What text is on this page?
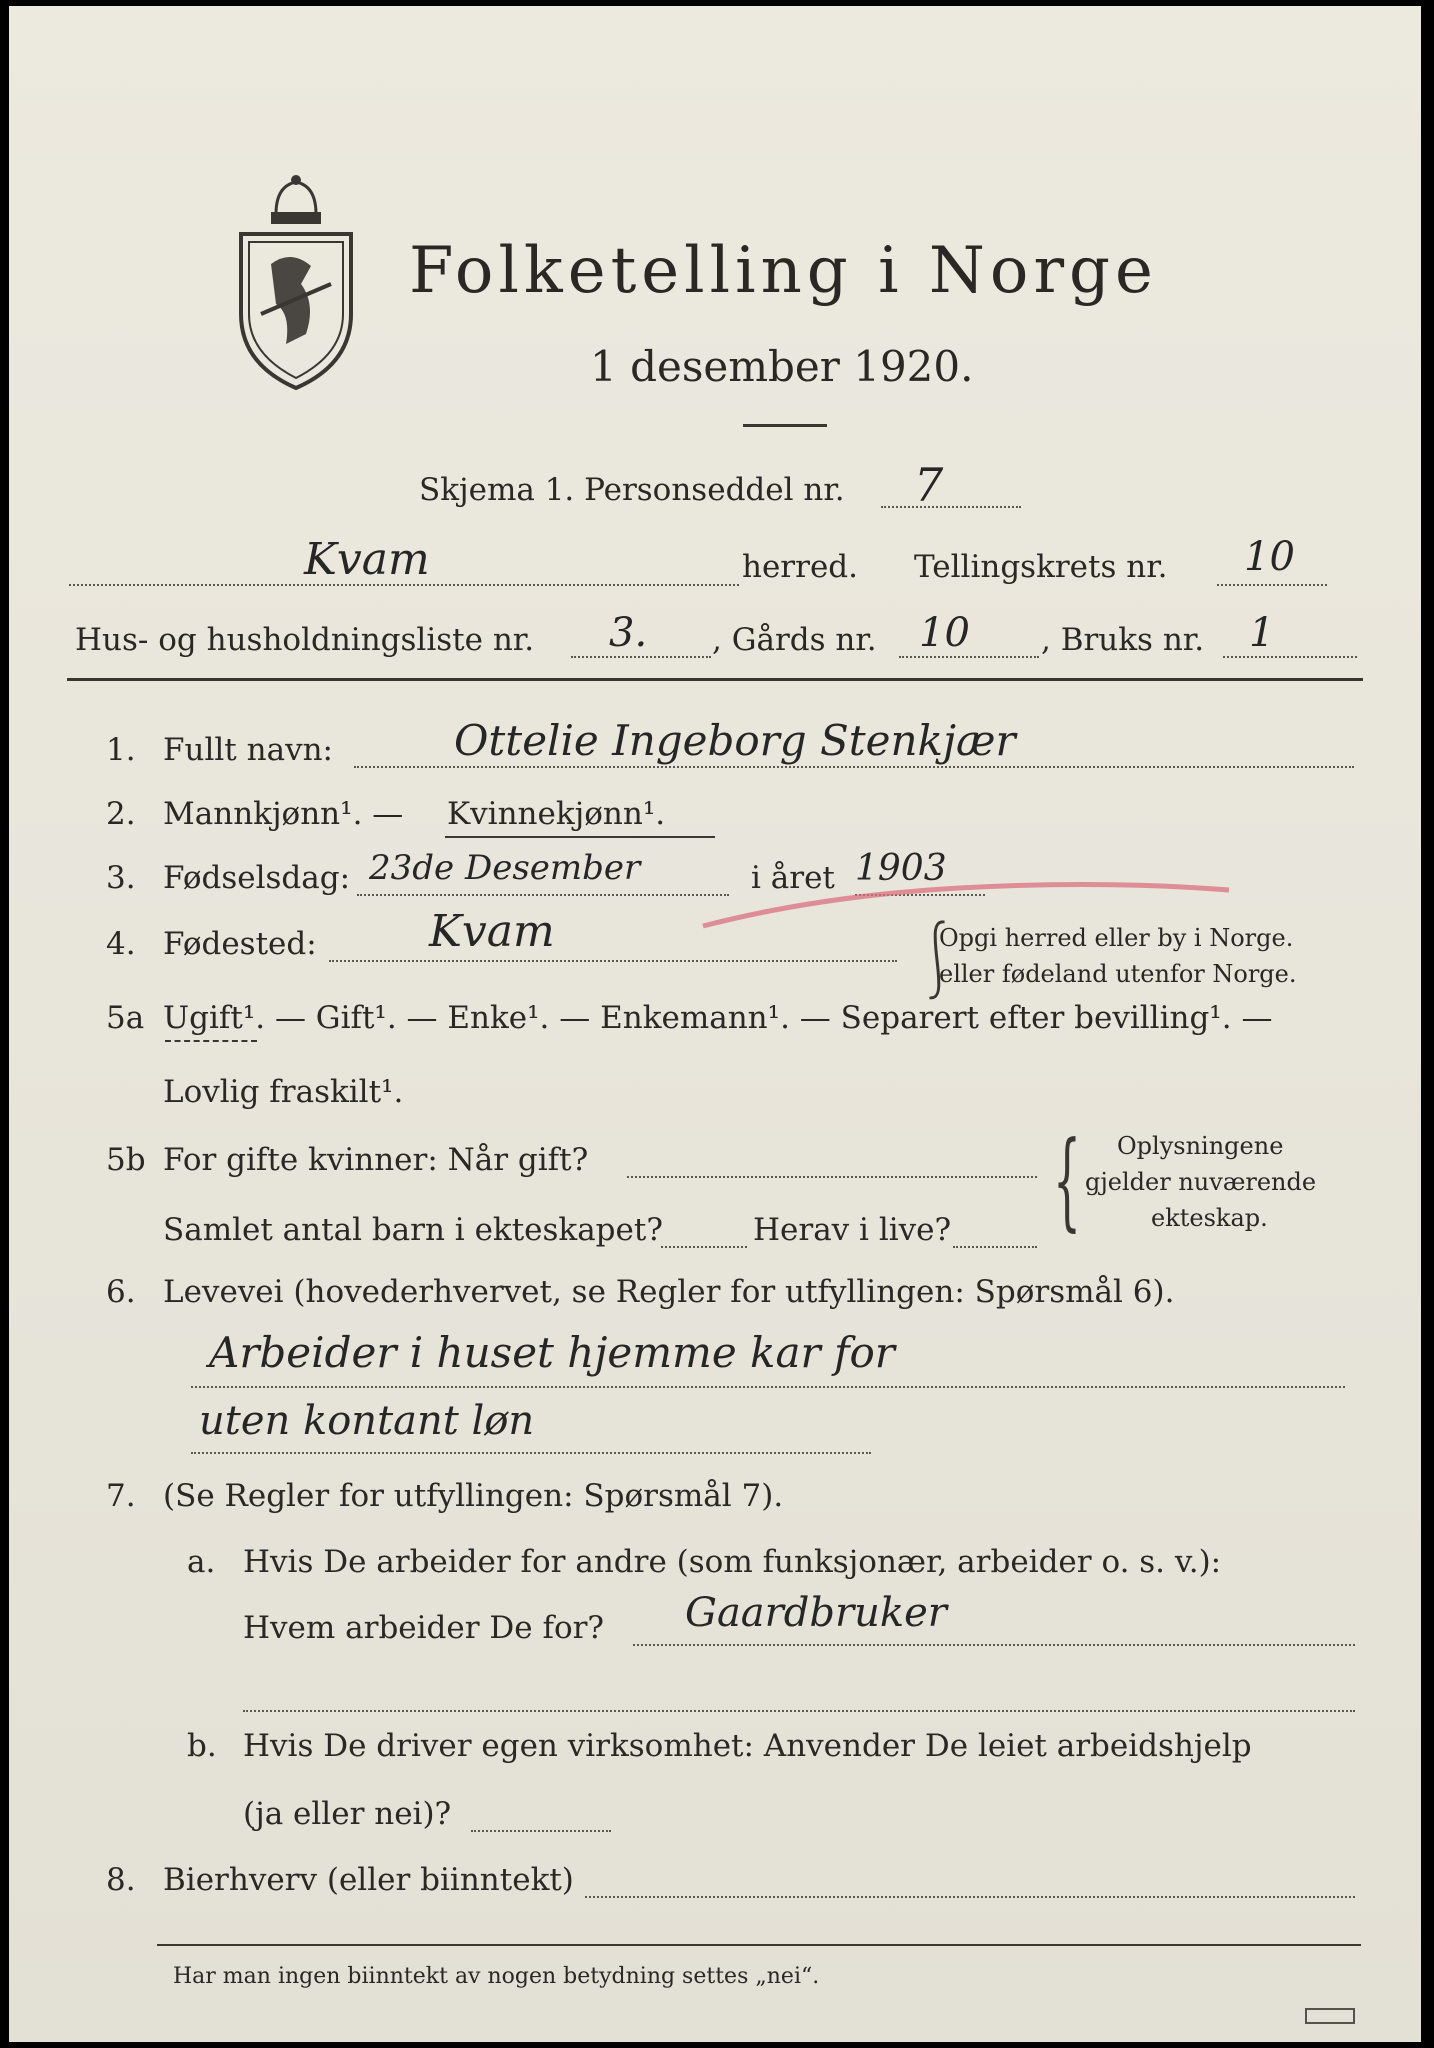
Folketelling i Norge
1 desember 1920.
Skjema 1. Personseddel nr. 7
Kvam	herred. Tellingskrets nr. 10
Hus- og husholdningsliste nr. 3. , Gårds nr. 10 , Bruks nr. 1
1. Fullt navn:	Ottelie Ingeborg Stenkjær
2. Mannkjønn¹. — Kvinnekjønn¹.
3. Fødselsdag: 23de Desember	i året 1903
4. Fødested:	Kvam	⎰
Opgi herred eller by i Norge.
eller fødeland utenfor Norge.
5a Ugift¹. — Gift¹. — Enke¹. — Enkemann¹. — Separert efter bevilling¹. —
Lovlig fraskilt¹.
5b For gifte kvinner: Når gift?
Samlet antal barn i ekteskapet?	Herav i live? { Oplysningene
gjelder nuværende
ekteskap.
6. Levevei (hovederhvervet, se Regler for utfyllingen: Spørsmål 6).
Arbeider i huset hjemme kar for
uten kontant løn
7. (Se Regler for utfyllingen: Spørsmål 7).
a. Hvis De arbeider for andre (som funksjonær, arbeider o. s. v.):
Hvem arbeider De for? Gaardbruker
b. Hvis De driver egen virksomhet: Anvender De leiet arbeidshjelp
(ja eller nei)?
8. Bierhverv (eller biinntekt)
Har man ingen biinntekt av nogen betydning settes „nei“.
